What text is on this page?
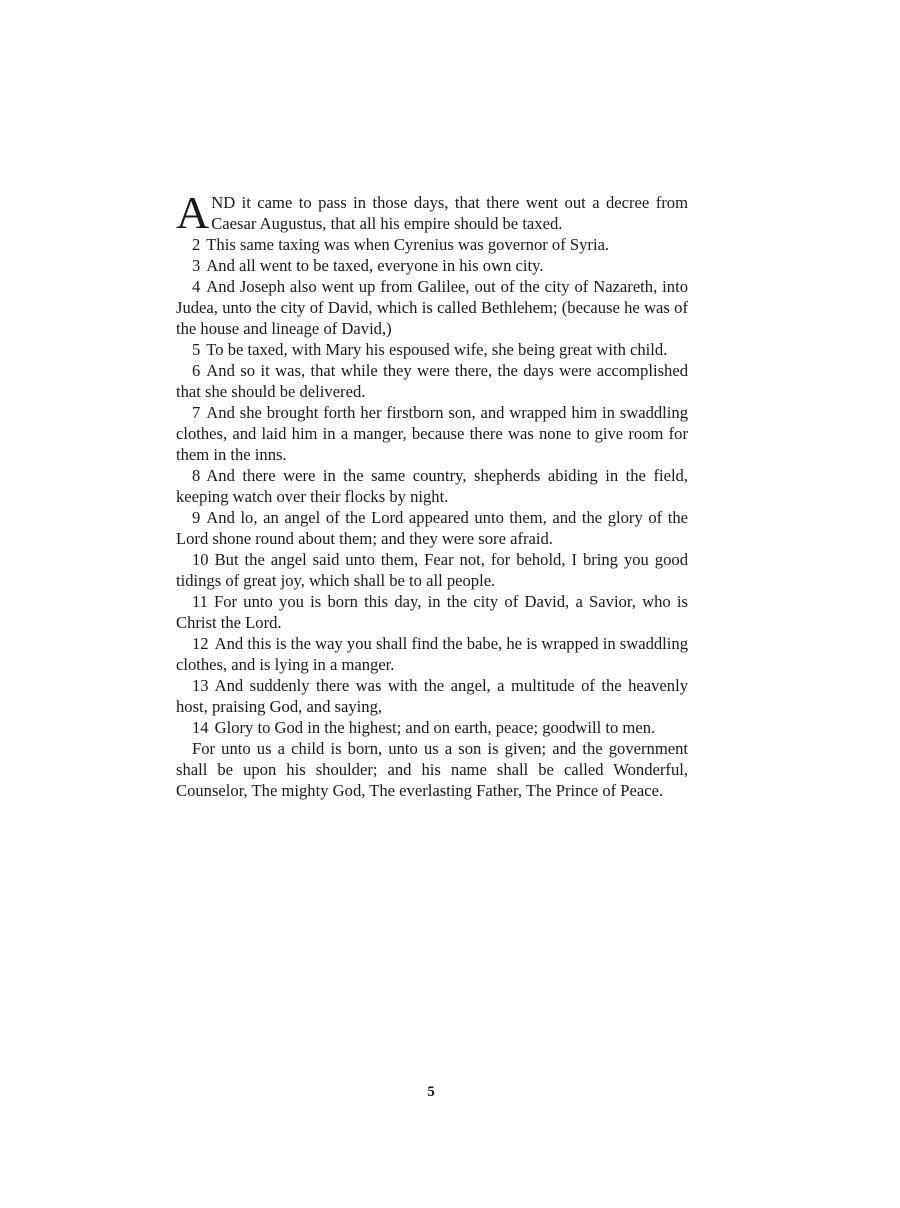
AND it came to pass in those days, that there went out a decree from Caesar Augustus, that all his empire should be taxed.

2 This same taxing was when Cyrenius was governor of Syria.

3 And all went to be taxed, everyone in his own city.

4 And Joseph also went up from Galilee, out of the city of Nazareth, into Judea, unto the city of David, which is called Bethlehem; (because he was of the house and lineage of David,)

5 To be taxed, with Mary his espoused wife, she being great with child.

6 And so it was, that while they were there, the days were accomplished that she should be delivered.

7 And she brought forth her firstborn son, and wrapped him in swaddling clothes, and laid him in a manger, because there was none to give room for them in the inns.

8 And there were in the same country, shepherds abiding in the field, keeping watch over their flocks by night.

9 And lo, an angel of the Lord appeared unto them, and the glory of the Lord shone round about them; and they were sore afraid.

10 But the angel said unto them, Fear not, for behold, I bring you good tidings of great joy, which shall be to all people.

11 For unto you is born this day, in the city of David, a Savior, who is Christ the Lord.

12 And this is the way you shall find the babe, he is wrapped in swaddling clothes, and is lying in a manger.

13 And suddenly there was with the angel, a multitude of the heavenly host, praising God, and saying,

14 Glory to God in the highest; and on earth, peace; goodwill to men.

For unto us a child is born, unto us a son is given; and the government shall be upon his shoulder; and his name shall be called Wonderful, Counselor, The mighty God, The everlasting Father, The Prince of Peace.

5
